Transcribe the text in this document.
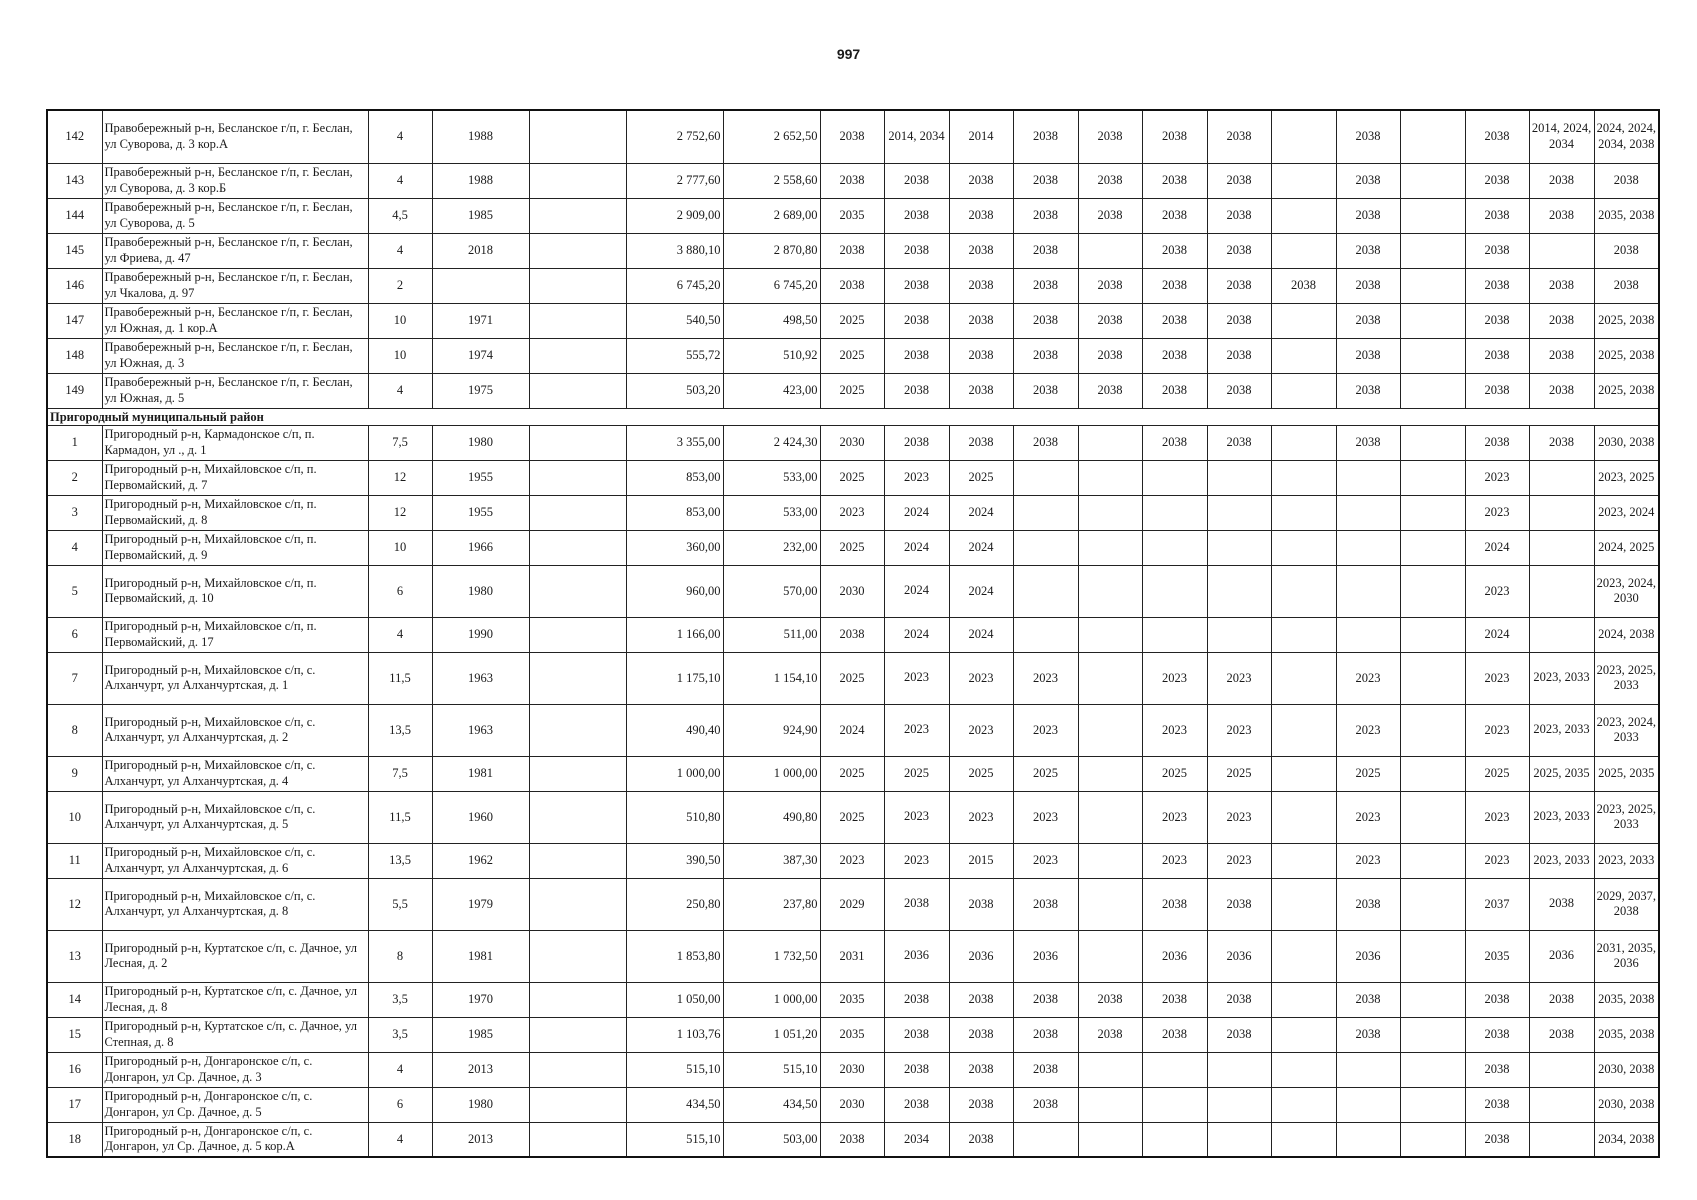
997
142	Правобережный р-н, Бесланское г/п, г. Беслан, ул Суворова, д. 3 кор.А	4	1988		2 752,60	2 652,50	2038	2014, 2034	2014	2038	2038	2038	2038		2038		2038	2014, 2024, 2034	2024, 2024, 2034, 2038
143	Правобережный р-н, Бесланское г/п, г. Беслан, ул Суворова, д. 3 кор.Б	4	1988		2 777,60	2 558,60	2038	2038	2038	2038	2038	2038	2038		2038		2038	2038	2038
144	Правобережный р-н, Бесланское г/п, г. Беслан, ул Суворова, д. 5	4,5	1985		2 909,00	2 689,00	2035	2038	2038	2038	2038	2038	2038		2038		2038	2038	2035, 2038
145	Правобережный р-н, Бесланское г/п, г. Беслан, ул Фриева, д. 47	4	2018		3 880,10	2 870,80	2038	2038	2038	2038		2038	2038		2038		2038		2038
146	Правобережный р-н, Бесланское г/п, г. Беслан, ул Чкалова, д. 97	2			6 745,20	6 745,20	2038	2038	2038	2038	2038	2038	2038	2038	2038		2038	2038	2038
147	Правобережный р-н, Бесланское г/п, г. Беслан, ул Южная, д. 1 кор.А	10	1971		540,50	498,50	2025	2038	2038	2038	2038	2038	2038		2038		2038	2038	2025, 2038
148	Правобережный р-н, Бесланское г/п, г. Беслан, ул Южная, д. 3	10	1974		555,72	510,92	2025	2038	2038	2038	2038	2038	2038		2038		2038	2038	2025, 2038
149	Правобережный р-н, Бесланское г/п, г. Беслан, ул Южная, д. 5	4	1975		503,20	423,00	2025	2038	2038	2038	2038	2038	2038		2038		2038	2038	2025, 2038
Пригородный муниципальный район																			
1	Пригородный р-н, Кармадонское с/п, п. Кармадон, ул ., д. 1	7,5	1980		3 355,00	2 424,30	2030	2038	2038	2038		2038	2038		2038		2038	2038	2030, 2038
2	Пригородный р-н, Михайловское с/п, п. Первомайский, д. 7	12	1955		853,00	533,00	2025	2023	2025								2023		2023, 2025
3	Пригородный р-н, Михайловское с/п, п. Первомайский, д. 8	12	1955		853,00	533,00	2023	2024	2024								2023		2023, 2024
4	Пригородный р-н, Михайловское с/п, п. Первомайский, д. 9	10	1966		360,00	232,00	2025	2024	2024								2024		2024, 2025
5	Пригородный р-н, Михайловское с/п, п. Первомайский, д. 10	6	1980		960,00	570,00	2030	2024	2024								2023		2023, 2024, 2030
6	Пригородный р-н, Михайловское с/п, п. Первомайский, д. 17	4	1990		1 166,00	511,00	2038	2024	2024								2024		2024, 2038
7	Пригородный р-н, Михайловское с/п, с. Алханчурт, ул Алханчуртская, д. 1	11,5	1963		1 175,10	1 154,10	2025	2023	2023	2023		2023	2023		2023		2023	2023, 2033	2023, 2025, 2033
8	Пригородный р-н, Михайловское с/п, с. Алханчурт, ул Алханчуртская, д. 2	13,5	1963		490,40	924,90	2024	2023	2023	2023		2023	2023		2023		2023	2023, 2033	2023, 2024, 2033
9	Пригородный р-н, Михайловское с/п, с. Алханчурт, ул Алханчуртская, д. 4	7,5	1981		1 000,00	1 000,00	2025	2025	2025	2025		2025	2025		2025		2025	2025, 2035	2025, 2035
10	Пригородный р-н, Михайловское с/п, с. Алханчурт, ул Алханчуртская, д. 5	11,5	1960		510,80	490,80	2025	2023	2023	2023		2023	2023		2023		2023	2023, 2033	2023, 2025, 2033
11	Пригородный р-н, Михайловское с/п, с. Алханчурт, ул Алханчуртская, д. 6	13,5	1962		390,50	387,30	2023	2023	2015	2023		2023	2023		2023		2023	2023, 2033	2023, 2033
12	Пригородный р-н, Михайловское с/п, с. Алханчурт, ул Алханчуртская, д. 8	5,5	1979		250,80	237,80	2029	2038	2038	2038		2038	2038		2038		2037	2038	2029, 2037, 2038
13	Пригородный р-н, Куртатское с/п, с. Дачное, ул Лесная, д. 2	8	1981		1 853,80	1 732,50	2031	2036	2036	2036		2036	2036		2036		2035	2036	2031, 2035, 2036
14	Пригородный р-н, Куртатское с/п, с. Дачное, ул Лесная, д. 8	3,5	1970		1 050,00	1 000,00	2035	2038	2038	2038	2038	2038	2038		2038		2038	2038	2035, 2038
15	Пригородный р-н, Куртатское с/п, с. Дачное, ул Степная, д. 8	3,5	1985		1 103,76	1 051,20	2035	2038	2038	2038	2038	2038	2038		2038		2038	2038	2035, 2038
16	Пригородный р-н, Донгаронское с/п, с. Донгарон, ул Ср. Дачное, д. 3	4	2013		515,10	515,10	2030	2038	2038	2038							2038		2030, 2038
17	Пригородный р-н, Донгаронское с/п, с. Донгарон, ул Ср. Дачное, д. 5	6	1980		434,50	434,50	2030	2038	2038	2038							2038		2030, 2038
18	Пригородный р-н, Донгаронское с/п, с. Донгарон, ул Ср. Дачное, д. 5 кор.А	4	2013		515,10	503,00	2038	2034	2038								2038		2034, 2038
